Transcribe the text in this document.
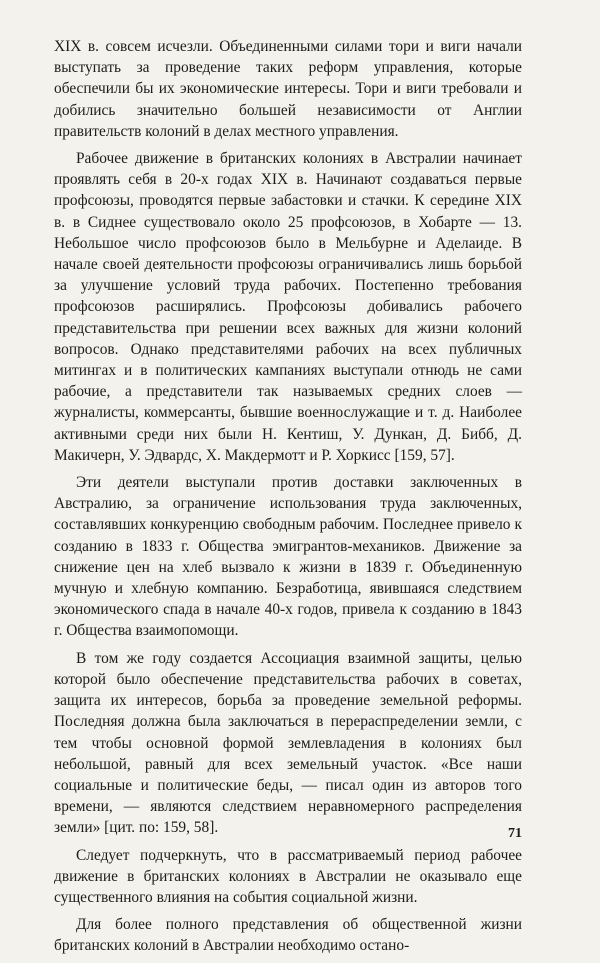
XIX в. совсем исчезли. Объединенными силами тори и виги начали выступать за проведение таких реформ управления, которые обеспечили бы их экономические интересы. Тори и виги требовали и добились значительно большей независимости от Англии правительств колоний в делах местного управления.

Рабочее движение в британских колониях в Австралии начинает проявлять себя в 20-х годах XIX в. Начинают создаваться первые профсоюзы, проводятся первые забастовки и стачки. К середине XIX в. в Сиднее существовало около 25 профсоюзов, в Хобарте — 13. Небольшое число профсоюзов было в Мельбурне и Аделаиде. В начале своей деятельности профсоюзы ограничивались лишь борьбой за улучшение условий труда рабочих. Постепенно требования профсоюзов расширялись. Профсоюзы добивались рабочего представительства при решении всех важных для жизни колоний вопросов. Однако представителями рабочих на всех публичных митингах и в политических кампаниях выступали отнюдь не сами рабочие, а представители так называемых средних слоев — журналисты, коммерсанты, бывшие военнослужащие и т. д. Наиболее активными среди них были Н. Кентиш, У. Дункан, Д. Бибб, Д. Макичерн, У. Эдвардс, Х. Макдермотт и Р. Хоркисс [159, 57].

Эти деятели выступали против доставки заключенных в Австралию, за ограничение использования труда заключенных, составлявших конкуренцию свободным рабочим. Последнее привело к созданию в 1833 г. Общества эмигрантов-механиков. Движение за снижение цен на хлеб вызвало к жизни в 1839 г. Объединенную мучную и хлебную компанию. Безработица, явившаяся следствием экономического спада в начале 40-х годов, привела к созданию в 1843 г. Общества взаимопомощи.

В том же году создается Ассоциация взаимной защиты, целью которой было обеспечение представительства рабочих в советах, защита их интересов, борьба за проведение земельной реформы. Последняя должна была заключаться в перераспределении земли, с тем чтобы основной формой землевладения в колониях был небольшой, равный для всех земельный участок. «Все наши социальные и политические беды, — писал один из авторов того времени, — являются следствием неравномерного распределения земли» [цит. по: 159, 58].

Следует подчеркнуть, что в рассматриваемый период рабочее движение в британских колониях в Австралии не оказывало еще существенного влияния на события социальной жизни.

Для более полного представления об общественной жизни британских колоний в Австралии необходимо остано-

71
